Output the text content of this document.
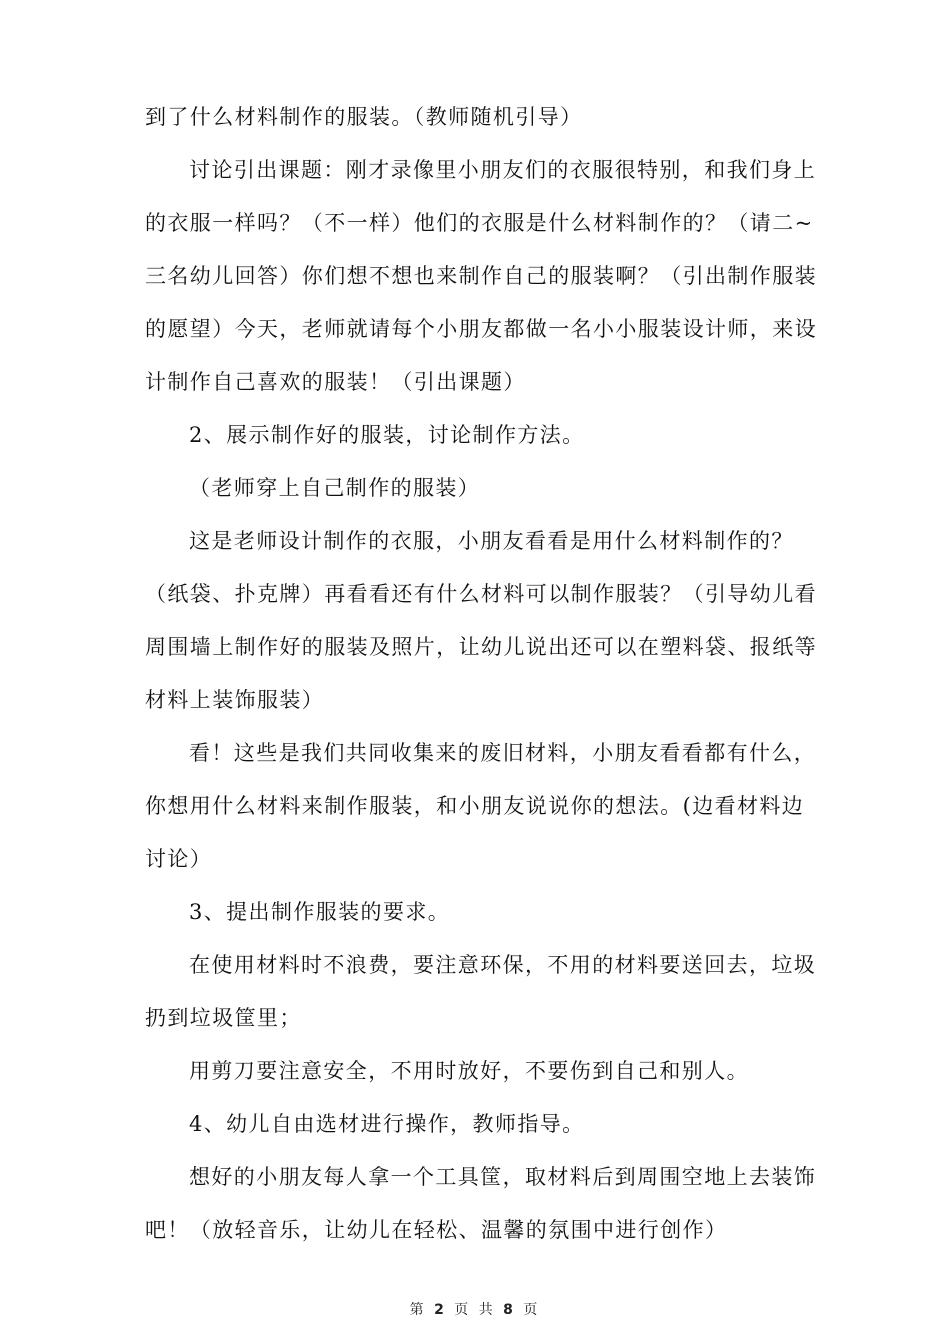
到了什么材料制作的服装。（教师随机引导）
讨论引出课题：刚才录像里小朋友们的衣服很特别，和我们身上
的衣服一样吗？（不一样）他们的衣服是什么材料制作的？（请二~
三名幼儿回答）你们想不想也来制作自己的服装啊？（引出制作服装
的愿望）今天，老师就请每个小朋友都做一名小小服装设计师，来设
计制作自己喜欢的服装！（引出课题）
2、展示制作好的服装，讨论制作方法。
（老师穿上自己制作的服装）
这是老师设计制作的衣服，小朋友看看是用什么材料制作的？
（纸袋、扑克牌）再看看还有什么材料可以制作服装？（引导幼儿看
周围墙上制作好的服装及照片，让幼儿说出还可以在塑料袋、报纸等
材料上装饰服装）
看！这些是我们共同收集来的废旧材料，小朋友看看都有什么，
你想用什么材料来制作服装，和小朋友说说你的想法。(边看材料边
讨论）
3、提出制作服装的要求。
在使用材料时不浪费，要注意环保，不用的材料要送回去，垃圾
扔到垃圾筐里；
用剪刀要注意安全，不用时放好，不要伤到自己和别人。
4、幼儿自由选材进行操作，教师指导。
想好的小朋友每人拿一个工具筐，取材料后到周围空地上去装饰
吧！（放轻音乐，让幼儿在轻松、温馨的氛围中进行创作）
第 2 页 共 8 页
